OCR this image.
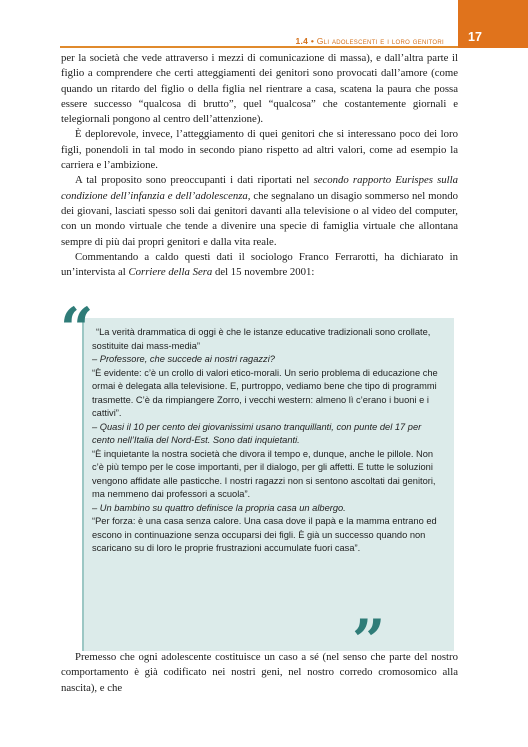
1.4 • Gli adolescenti e i loro genitori 17

per la società che vede attraverso i mezzi di comunicazione di massa), e dall’altra parte il figlio a comprendere che certi atteggiamenti dei genitori sono provocati dall’amore (come quando un ritardo del figlio o della figlia nel rientrare a casa, scatena la paura che possa essere successo “qualcosa di brutto”, quel “qualcosa” che costantemente giornali e telegiornali pongono al centro dell’attenzione).

È deplorevole, invece, l’atteggiamento di quei genitori che si interessano poco dei loro figli, ponendoli in tal modo in secondo piano rispetto ad altri valori, come ad esempio la carriera e l’ambizione.

A tal proposito sono preoccupanti i dati riportati nel secondo rapporto Eurispes sulla condizione dell’infanzia e dell’adolescenza, che segnalano un disagio sommerso nel mondo dei giovani, lasciati spesso soli dai genitori davanti alla televisione o al video del computer, con un mondo virtuale che tende a divenire una specie di famiglia virtuale che allontana sempre di più dai propri genitori e dalla vita reale.

Commentando a caldo questi dati il sociologo Franco Ferrarotti, ha dichiarato in un’intervista al Corriere della Sera del 15 novembre 2001:

“ “La verità drammatica di oggi è che le istanze educative tradizionali sono crollate, sostituite dai mass-media”

– Professore, che succede ai nostri ragazzi?

“È evidente: c’è un crollo di valori etico-morali. Un serio problema di educazione che ormai è delegata alla televisione. E, purtroppo, vediamo bene che tipo di programmi trasmette. C’è da rimpiangere Zorro, i vecchi western: almeno lì c’erano i buoni e i cattivi”.

– Quasi il 10 per cento dei giovanissimi usano tranquillanti, con punte del 17 per cento nell’Italia del Nord-Est. Sono dati inquietanti.

“È inquietante la nostra società che divora il tempo e, dunque, anche le pillole. Non c’è più tempo per le cose importanti, per il dialogo, per gli affetti. E tutte le soluzioni vengono affidate alle pasticche. I nostri ragazzi non si sentono ascoltati dai genitori, ma nemmeno dai professori a scuola”.

– Un bambino su quattro definisce la propria casa un albergo.

“Per forza: è una casa senza calore. Una casa dove il papà e la mamma entrano ed escono in continuazione senza occuparsi dei figli. È già un successo quando non scaricano su di loro le proprie frustrazioni accumulate fuori casa”.

”

Premesso che ogni adolescente costituisce un caso a sé (nel senso che parte del nostro comportamento è già codificato nei nostri geni, nel nostro corredo cromosomico alla nascita), e che
